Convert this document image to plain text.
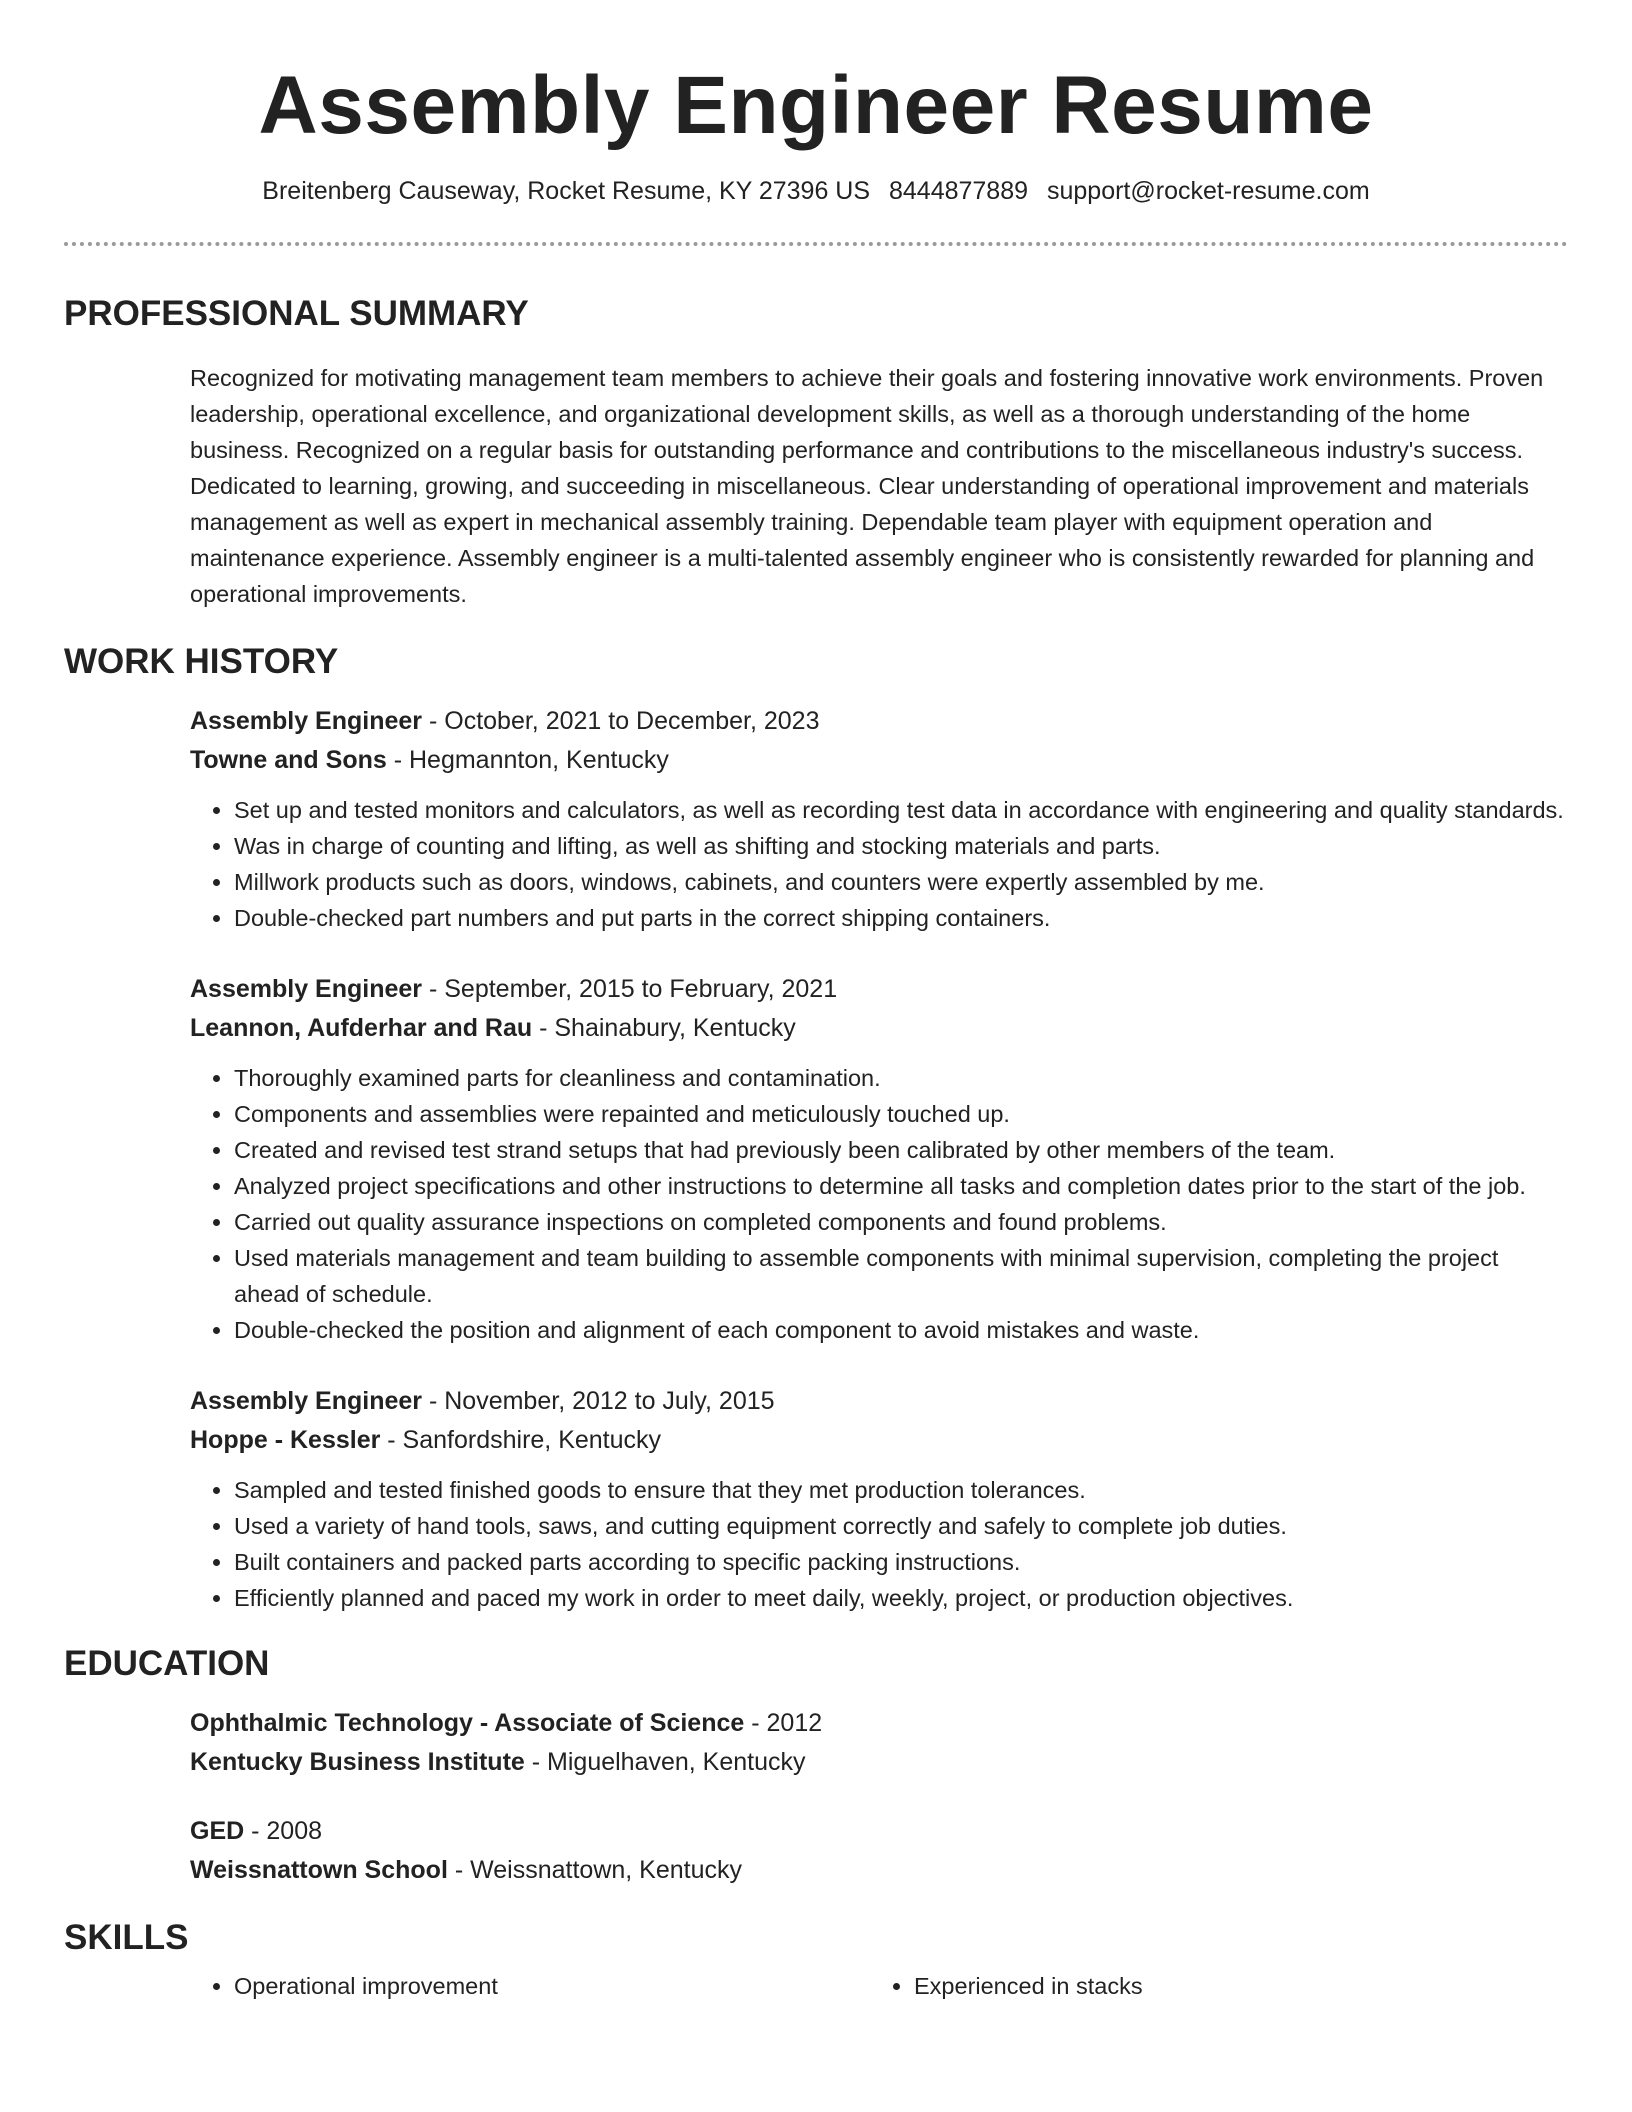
Assembly Engineer Resume
Breitenberg Causeway, Rocket Resume, KY 27396 US 8444877889 support@rocket-resume.com
PROFESSIONAL SUMMARY
Recognized for motivating management team members to achieve their goals and fostering innovative work environments. Proven leadership, operational excellence, and organizational development skills, as well as a thorough understanding of the home business. Recognized on a regular basis for outstanding performance and contributions to the miscellaneous industry's success. Dedicated to learning, growing, and succeeding in miscellaneous. Clear understanding of operational improvement and materials management as well as expert in mechanical assembly training. Dependable team player with equipment operation and maintenance experience. Assembly engineer is a multi-talented assembly engineer who is consistently rewarded for planning and operational improvements.
WORK HISTORY
Assembly Engineer - October, 2021 to December, 2023
Towne and Sons - Hegmannton, Kentucky
• Set up and tested monitors and calculators, as well as recording test data in accordance with engineering and quality standards.
• Was in charge of counting and lifting, as well as shifting and stocking materials and parts.
• Millwork products such as doors, windows, cabinets, and counters were expertly assembled by me.
• Double-checked part numbers and put parts in the correct shipping containers.
Assembly Engineer - September, 2015 to February, 2021
Leannon, Aufderhar and Rau - Shainabury, Kentucky
• Thoroughly examined parts for cleanliness and contamination.
• Components and assemblies were repainted and meticulously touched up.
• Created and revised test strand setups that had previously been calibrated by other members of the team.
• Analyzed project specifications and other instructions to determine all tasks and completion dates prior to the start of the job.
• Carried out quality assurance inspections on completed components and found problems.
• Used materials management and team building to assemble components with minimal supervision, completing the project ahead of schedule.
• Double-checked the position and alignment of each component to avoid mistakes and waste.
Assembly Engineer - November, 2012 to July, 2015
Hoppe - Kessler - Sanfordshire, Kentucky
• Sampled and tested finished goods to ensure that they met production tolerances.
• Used a variety of hand tools, saws, and cutting equipment correctly and safely to complete job duties.
• Built containers and packed parts according to specific packing instructions.
• Efficiently planned and paced my work in order to meet daily, weekly, project, or production objectives.
EDUCATION
Ophthalmic Technology - Associate of Science - 2012
Kentucky Business Institute - Miguelhaven, Kentucky
GED - 2008
Weissnattown School - Weissnattown, Kentucky
SKILLS
• Operational improvement
•	Experienced in stacks
